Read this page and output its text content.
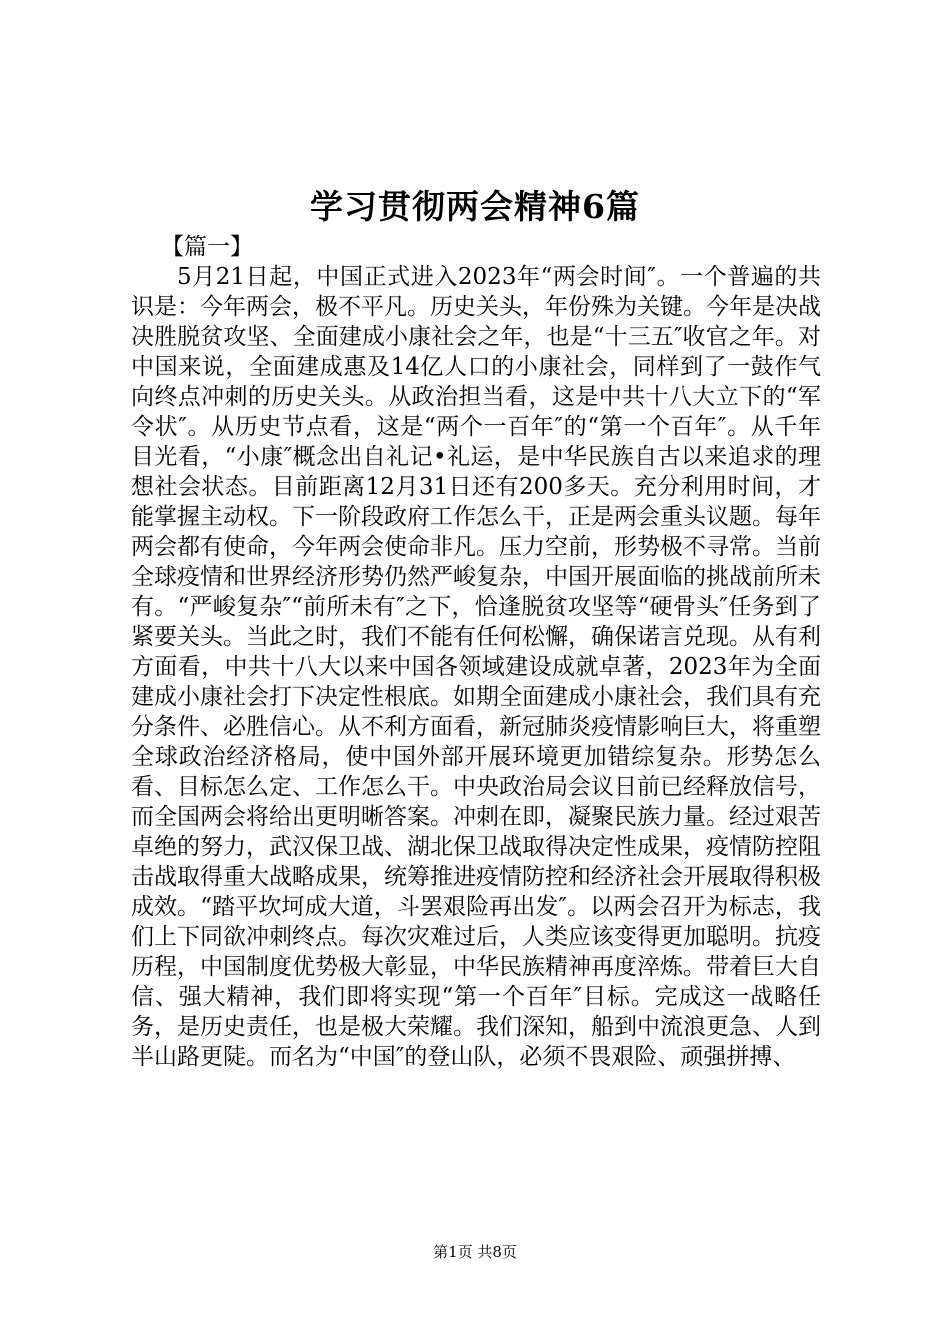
学习贯彻两会精神6篇

【篇一】

5月21日起，中国正式进入2023年“两会时间″。一个普遍的共识是：今年两会，极不平凡。历史关头，年份殊为关键。今年是决战决胜脱贫攻坚、全面建成小康社会之年，也是“十三五″收官之年。对中国来说，全面建成惠及14亿人口的小康社会，同样到了一鼓作气向终点冲刺的历史关头。从政治担当看，这是中共十八大立下的“军令状″。从历史节点看，这是“两个一百年″的“第一个百年″。从千年目光看，“小康″概念出自礼记•礼运，是中华民族自古以来追求的理想社会状态。目前距离12月31日还有200多天。充分利用时间，才能掌握主动权。下一阶段政府工作怎么干，正是两会重头议题。每年两会都有使命，今年两会使命非凡。压力空前，形势极不寻常。当前全球疫情和世界经济形势仍然严峻复杂，中国开展面临的挑战前所未有。“严峻复杂″“前所未有″之下，恰逢脱贫攻坚等“硬骨头″任务到了紧要关头。当此之时，我们不能有任何松懈，确保诺言兑现。从有利方面看，中共十八大以来中国各领域建设成就卓著，2023年为全面建成小康社会打下决定性根底。如期全面建成小康社会，我们具有充分条件、必胜信心。从不利方面看，新冠肺炎疫情影响巨大，将重塑全球政治经济格局，使中国外部开展环境更加错综复杂。形势怎么看、目标怎么定、工作怎么干。中央政治局会议日前已经释放信号，而全国两会将给出更明晰答案。冲刺在即，凝聚民族力量。经过艰苦卓绝的努力，武汉保卫战、湖北保卫战取得决定性成果，疫情防控阻击战取得重大战略成果，统筹推进疫情防控和经济社会开展取得积极成效。“踏平坎坷成大道，斗罢艰险再出发″。以两会召开为标志，我们上下同欲冲刺终点。每次灾难过后，人类应该变得更加聪明。抗疫历程，中国制度优势极大彰显，中华民族精神再度淬炼。带着巨大自信、强大精神，我们即将实现“第一个百年″目标。完成这一战略任务，是历史责任，也是极大荣耀。我们深知，船到中流浪更急、人到半山路更陡。而名为“中国″的登山队，必须不畏艰险、顽强拼搏、

第1页 共8页
